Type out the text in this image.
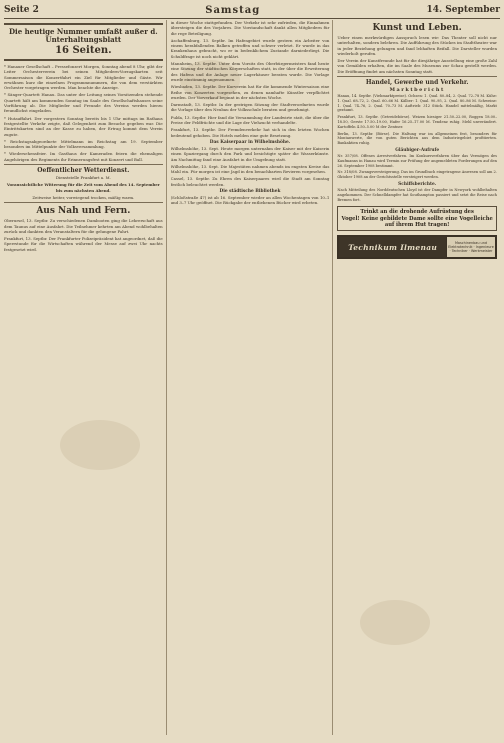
Seite 2	Samstag	14. September
Die heutige Nummer umfaßt außer d. Unterhaltungsblatt
16 Seiten.

* Hanauer Gesellschaft – Pressefonzert Morgen, Sonntag abend 8 Uhr, gibt der Leiter Orchesterverein bei seinen Mitgliedern-Vorzugskarten seit Sommersaison die Konzertfahrt ein Ziel für Mitglieder und Gäste. Wir erwähnen kurz die einzelnen Programmnummern, die von dem verstärkten Orchester vorgetragen werden. Man beachte die Anzeige.

* Sänger-Quartett Hanau. Das unter der Leitung seines Vorsitzenden stehende Quartett hält am kommenden Sonntag im Saale des Gesellschaftshauses seine Vorführung ab. Die Mitglieder und Freunde des Vereins werden hierzu freundlichst eingeladen.

* Hutauffahrt. Der vorgestern Sonntag bereits bis 1 Uhr mittags im Rathaus festgestellte Verkehr zeigte, daß Gelegenheit zum Besuche gegeben war. Die Eintrittskarten sind an der Kasse zu haben, der Ertrag kommt dem Verein zugute.

* Reichstagsabgeordnete Mittelmann im Reichstag am 19. September besonders im Mittelpunkte der Volksversammlung.

* Wiedersehensfeier. Im Gasthaus der Kameraden feiern die ehemaligen Angehörigen des Regiments ihr Erinnerungsfest mit Konzert und Ball.

Oeffentlicher Wetterdienst.

Dienststelle Frankfurt a. M.

Voraussichtliche Witterung für die Zeit vom Abend des 14. September bis zum nächsten Abend.

Zeitweise heiter, vorwiegend trocken, mäßig warm.

Aus Nah und Fern.

Oberursel, 13. Septbr. Zu verschiedenen Dambooten ging die Lehrerschaft aus dem Taunus auf eine Ausfahrt. Die Teilnehmer kehrten am Abend wohlbehalten zurück und dankten den Veranstaltern für die gelungene Fahrt.

Frankfurt, 13. Septbr. Der Frankfurter Polizeipräsident hat angeordnet, daß die Sperrstunde für die Wirtschaften während der Messe auf zwei Uhr nachts festgesetzt wird.

in dieser Woche stattgefunden. Der Verkehr ist sehr zufrieden, die Einnahmen übersteigen die des Vorjahres. Die Vorstandschaft dankt allen Mitgliedern für die rege Beteiligung.

Aschaffenburg, 13. Septbr. Im Hafengebiet wurde gestern ein Arbeiter von einem herabfallenden Balken getroffen und schwer verletzt. Er wurde in das Krankenhaus gebracht, wo er in bedenklichem Zustande darniederliegt. Die Schuldfrage ist noch nicht geklärt.

Mannheim, 13. Septbr. Unter dem Vorsitz des Oberbürgermeisters fand heute eine Sitzung der städtischen Körperschaften statt, in der über die Erweiterung des Hafens und die Anlage neuer Lagerhäuser beraten wurde. Die Vorlage wurde einstimmig angenommen.

Wiesbaden, 13. Septbr. Der Kurverein hat für die kommende Wintersaison eine Reihe von Konzerten vorgesehen, zu denen namhafte Künstler verpflichtet wurden. Der Vorverkauf beginnt in der nächsten Woche.

Darmstadt, 13. Septbr. In der gestrigen Sitzung der Stadtverordneten wurde die Vorlage über den Neubau der Volksschule beraten und genehmigt.

Fulda, 13. Septbr. Hier fand die Versammlung der Landwirte statt, die über die Preise der Feldfrüchte und die Lage der Viehzucht verhandelte.

Frankfurt, 13. Septbr. Der Fremdenverkehr hat sich in den letzten Wochen bedeutend gehoben. Die Hotels melden eine gute Besetzung.

Das Kaiserpaar in Wilhelmshöhe.

Wilhelmshöhe, 13. Sept. Heute morgen unternahm der Kaiser mit der Kaiserin einen Spaziergang durch den Park und besichtigte später die Wasserkünste. Am Nachmittag fand eine Ausfahrt in die Umgebung statt.

Wilhelmshöhe, 13. Sept. Die Majestäten nahmen abends im engsten Kreise das Mahl ein. Für morgen ist eine Jagd in den benachbarten Revieren vorgesehen.

Cassel, 13. Septbr. Zu Ehren des Kaiserpaares wird die Stadt am Sonntag festlich beleuchtet werden.

Die städtische Bibliothek

(Schloßstraße 47) ist ab 16. September wieder an allen Wochentagen von 10–1 und 3–7 Uhr geöffnet. Die Rückgabe der entliehenen Bücher wird erbeten.

Kunst und Leben.

Ueber einen merkwürdigen Ausspruch lesen wir: Das Theater soll nicht nur unterhalten, sondern belehren. Die Aufführung des Stückes im Stadttheater war in jeder Beziehung gelungen und fand lebhaften Beifall. Die Darsteller wurden wiederholt gerufen.

Der Verein der Kunstfreunde hat für die diesjährige Ausstellung eine große Zahl von Gemälden erhalten, die im Saale des Museums zur Schau gestellt werden. Die Eröffnung findet am nächsten Sonntag statt.

Handel, Gewerbe und Verkehr.
Marktbericht

Hanau, 14. Septbr. (Viehmarktpreise). Ochsen: 1. Qual. 80–84, 2. Qual. 72–78 M. Kühe: 1. Qual. 68–72, 2. Qual. 60–66 M. Kälber: 1. Qual. 90–95, 2. Qual. 80–86 M. Schweine: 1. Qual. 74–76, 2. Qual. 70–73 M. Auftrieb: 312 Stück. Handel mittelmäßig, Markt geräumt.

Frankfurt, 13. Septbr. (Getreidebörse). Weizen hiesiger 21.50–22.00, Roggen 18.00–18.50, Gerste 17.50–19.00, Hafer 16.25–17.00 M. Tendenz ruhig. Mehl unverändert. Kartoffeln 4.50–5.00 M der Zentner.

Berlin, 13. Septbr. (Börse). Die Haltung war im allgemeinen fest, besonders für Montanwerte, die von guten Berichten aus dem Industriegebiet profitierten. Bankaktien ruhig.

Gläubiger-Aufrufe

Nr. 357/08. Offenes Arrestverfahren. Im Konkursverfahren über das Vermögen des Kaufmanns in Hanau wird Termin zur Prüfung der angemeldeten Forderungen auf den 26. September 1908 bestimmt.

Nr. 318/08. Zwangsversteigerung. Das im Grundbuch eingetragene Anwesen soll am 2. Oktober 1908 an der Gerichtsstelle versteigert werden.

Schiffsberichte.

Nach Mitteilung des Norddeutschen Lloyd ist der Dampfer in Newyork wohlbehalten angekommen. Der Schnelldampfer hat Southampton passiert und setzt die Reise nach Bremen fort.

Trinkt an die drohende Aufrüstung des
Vogel! Keine gebildete Dame sollte eine Vogelleiche auf ihrem Hut tragen!
Technikum Ilmenau	Maschinenbau und Elektrotechnik · Ingenieure · Techniker · Werkmeister
